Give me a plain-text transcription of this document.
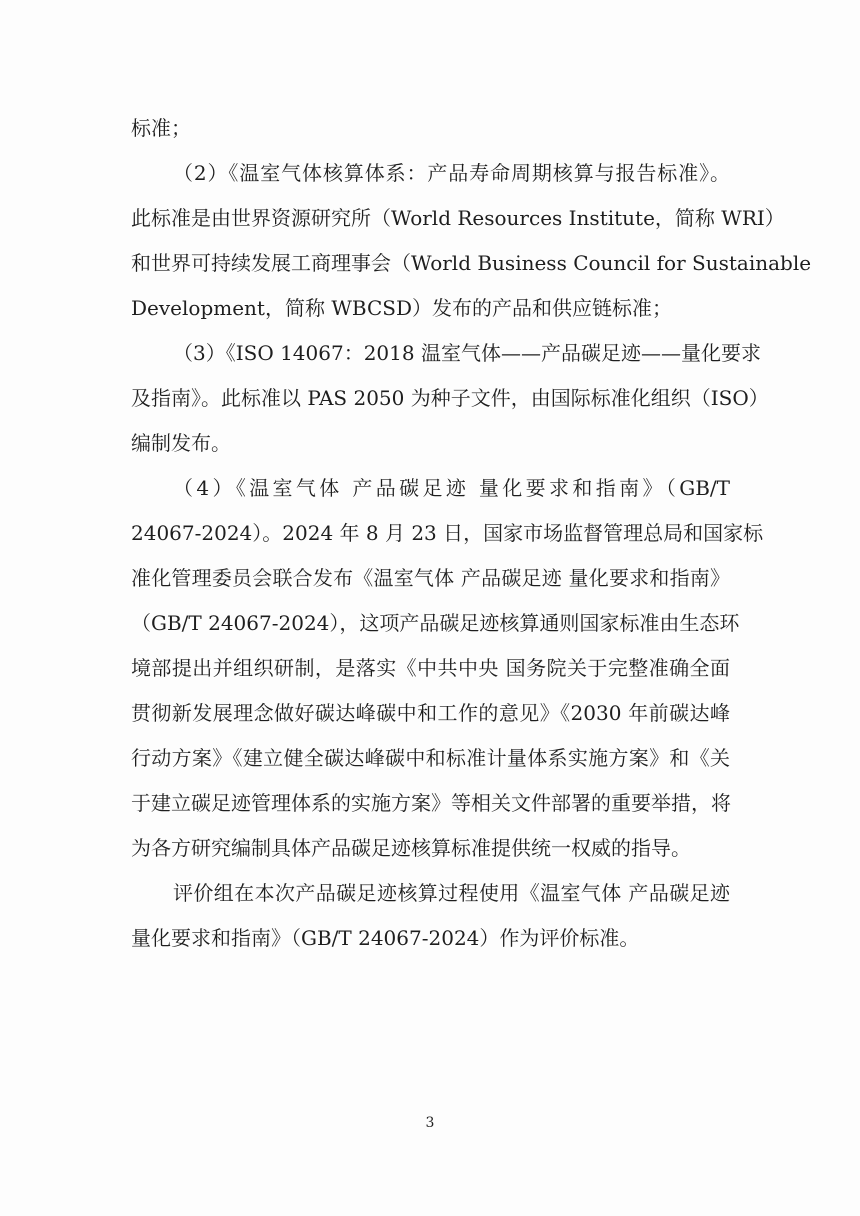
标准；
（2）《温室气体核算体系：产品寿命周期核算与报告标准》。
此标准是由世界资源研究所（World Resources Institute，简称 WRI）
和世界可持续发展工商理事会（World Business Council for Sustainable
Development，简称 WBCSD）发布的产品和供应链标准；
（3）《ISO 14067：2018 温室气体——产品碳足迹——量化要求
及指南》。此标准以 PAS 2050 为种子文件，由国际标准化组织（ISO）
编制发布。
（4）《温室气体 产品碳足迹 量化要求和指南》（GB/T
24067-2024）。2024 年 8 月 23 日，国家市场监督管理总局和国家标
准化管理委员会联合发布《温室气体 产品碳足迹 量化要求和指南》
（GB/T 24067-2024），这项产品碳足迹核算通则国家标准由生态环
境部提出并组织研制，是落实《中共中央 国务院关于完整准确全面
贯彻新发展理念做好碳达峰碳中和工作的意见》《2030 年前碳达峰
行动方案》《建立健全碳达峰碳中和标准计量体系实施方案》和《关
于建立碳足迹管理体系的实施方案》等相关文件部署的重要举措，将
为各方研究编制具体产品碳足迹核算标准提供统一权威的指导。
评价组在本次产品碳足迹核算过程使用《温室气体 产品碳足迹
量化要求和指南》（GB/T 24067-2024）作为评价标准。
3
